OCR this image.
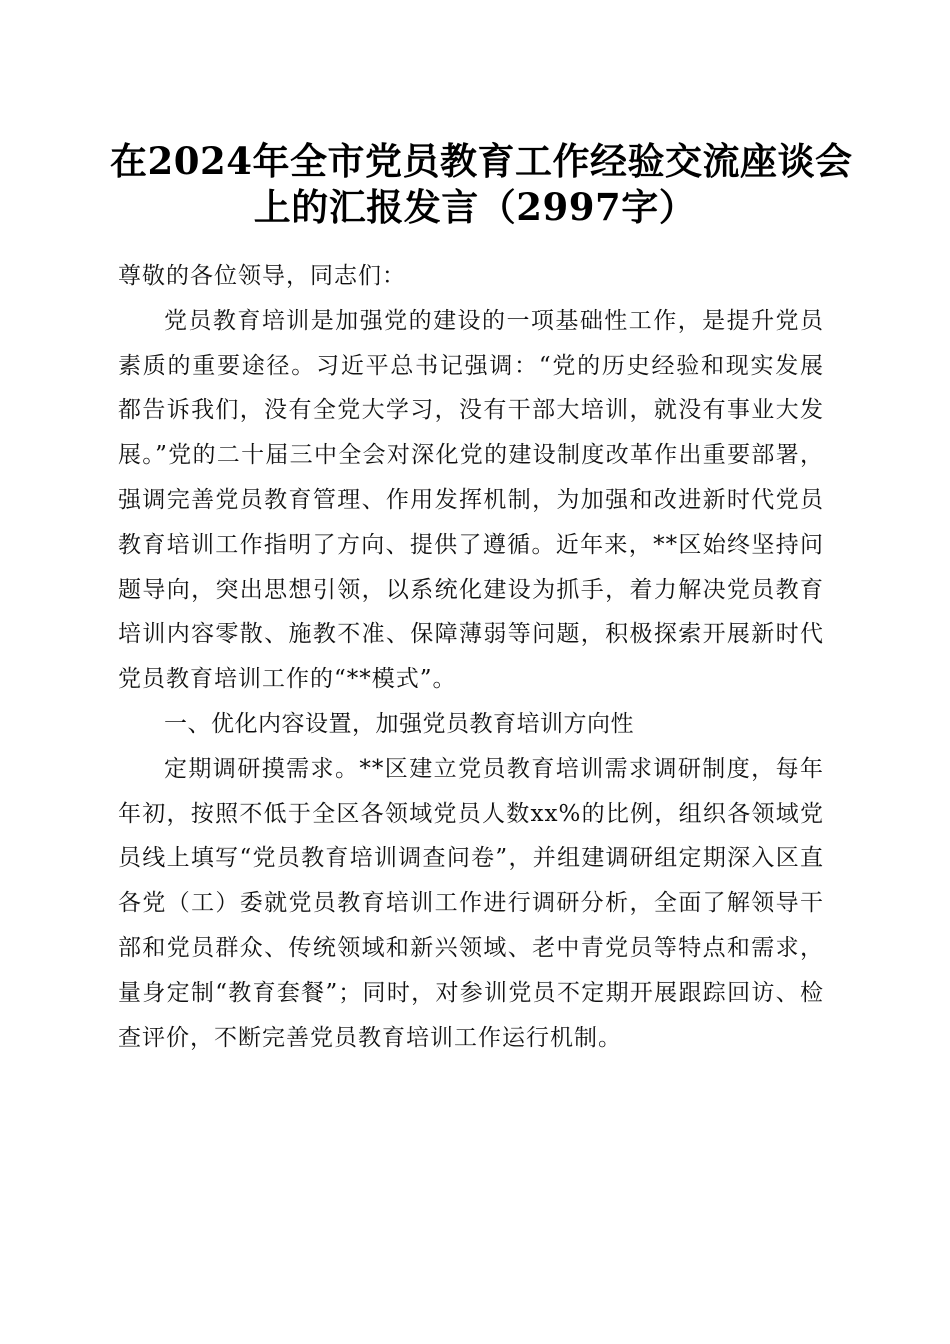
在2024年全市党员教育工作经验交流座谈会
上的汇报发言（2997字）

尊敬的各位领导，同志们：

党员教育培训是加强党的建设的一项基础性工作，是提升党员素质的重要途径。习近平总书记强调：“党的历史经验和现实发展都告诉我们，没有全党大学习，没有干部大培训，就没有事业大发展。”党的二十届三中全会对深化党的建设制度改革作出重要部署，强调完善党员教育管理、作用发挥机制，为加强和改进新时代党员教育培训工作指明了方向、提供了遵循。近年来，**区始终坚持问题导向，突出思想引领，以系统化建设为抓手，着力解决党员教育培训内容零散、施教不准、保障薄弱等问题，积极探索开展新时代党员教育培训工作的“**模式”。

一、优化内容设置，加强党员教育培训方向性

定期调研摸需求。**区建立党员教育培训需求调研制度，每年年初，按照不低于全区各领域党员人数xx%的比例，组织各领域党员线上填写“党员教育培训调查问卷”，并组建调研组定期深入区直各党（工）委就党员教育培训工作进行调研分析，全面了解领导干部和党员群众、传统领域和新兴领域、老中青党员等特点和需求，量身定制“教育套餐”；同时，对参训党员不定期开展跟踪回访、检查评价，不断完善党员教育培训工作运行机制。
